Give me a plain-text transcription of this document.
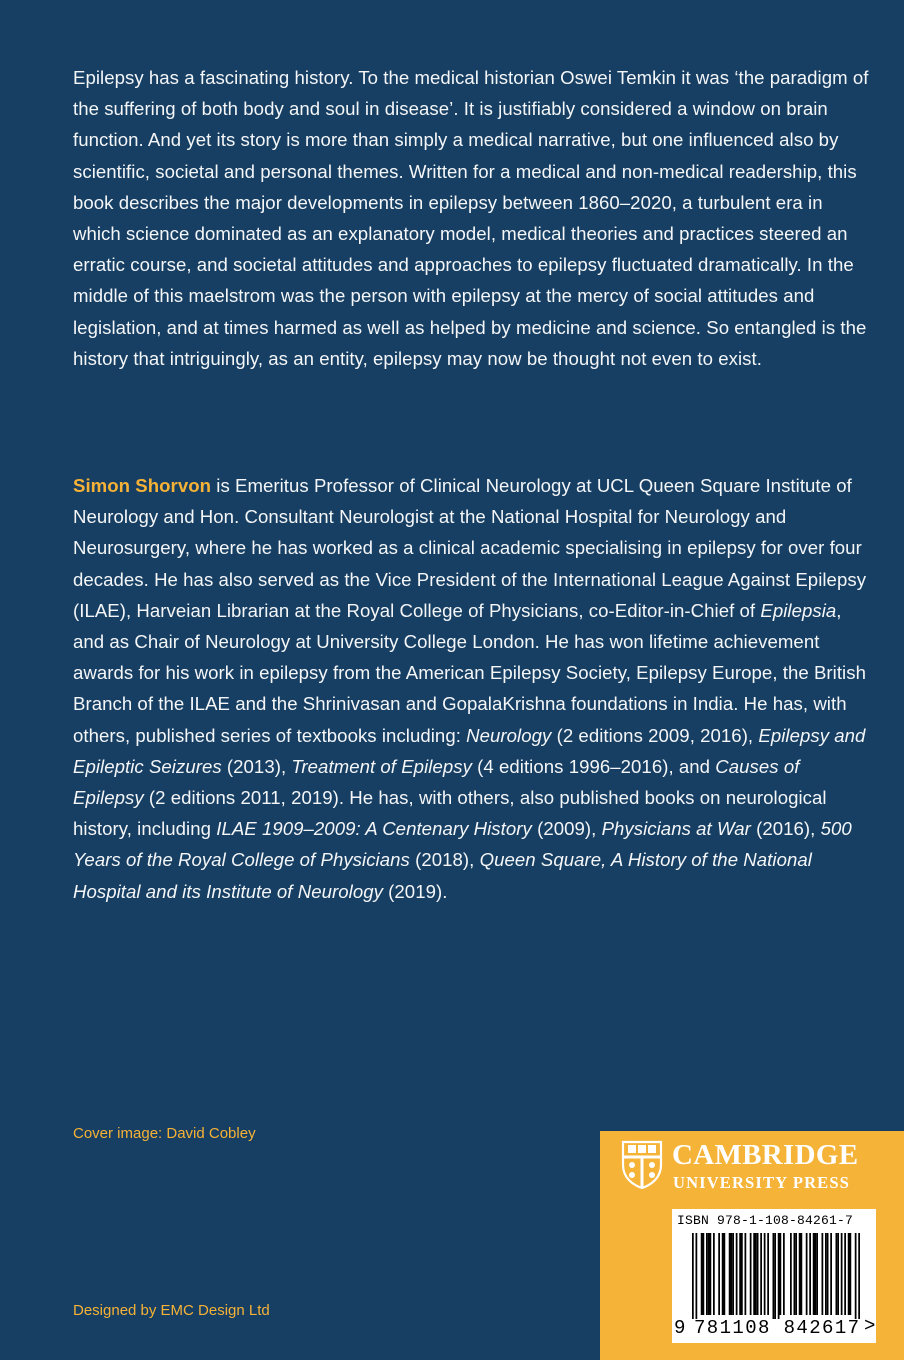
Epilepsy has a fascinating history. To the medical historian Oswei Temkin it was ‘the paradigm of the suffering of both body and soul in disease’. It is justifiably considered a window on brain function. And yet its story is more than simply a medical narrative, but one influenced also by scientific, societal and personal themes. Written for a medical and non-medical readership, this book describes the major developments in epilepsy between 1860–2020, a turbulent era in which science dominated as an explanatory model, medical theories and practices steered an erratic course, and societal attitudes and approaches to epilepsy fluctuated dramatically. In the middle of this maelstrom was the person with epilepsy at the mercy of social attitudes and legislation, and at times harmed as well as helped by medicine and science. So entangled is the history that intriguingly, as an entity, epilepsy may now be thought not even to exist.

Simon Shorvon is Emeritus Professor of Clinical Neurology at UCL Queen Square Institute of Neurology and Hon. Consultant Neurologist at the National Hospital for Neurology and Neurosurgery, where he has worked as a clinical academic specialising in epilepsy for over four decades. He has also served as the Vice President of the International League Against Epilepsy (ILAE), Harveian Librarian at the Royal College of Physicians, co-Editor-in-Chief of Epilepsia, and as Chair of Neurology at University College London. He has won lifetime achievement awards for his work in epilepsy from the American Epilepsy Society, Epilepsy Europe, the British Branch of the ILAE and the Shrinivasan and GopalaKrishna foundations in India. He has, with others, published series of textbooks including: Neurology (2 editions 2009, 2016), Epilepsy and Epileptic Seizures (2013), Treatment of Epilepsy (4 editions 1996–2016), and Causes of Epilepsy (2 editions 2011, 2019). He has, with others, also published books on neurological history, including ILAE 1909–2009: A Centenary History (2009), Physicians at War (2016), 500 Years of the Royal College of Physicians (2018), Queen Square, A History of the National Hospital and its Institute of Neurology (2019).

Cover image: David Cobley
Designed by EMC Design Ltd
CAMBRIDGE
UNIVERSITY PRESS
ISBN 978-1-108-84261-7
9 781108 842617 >
